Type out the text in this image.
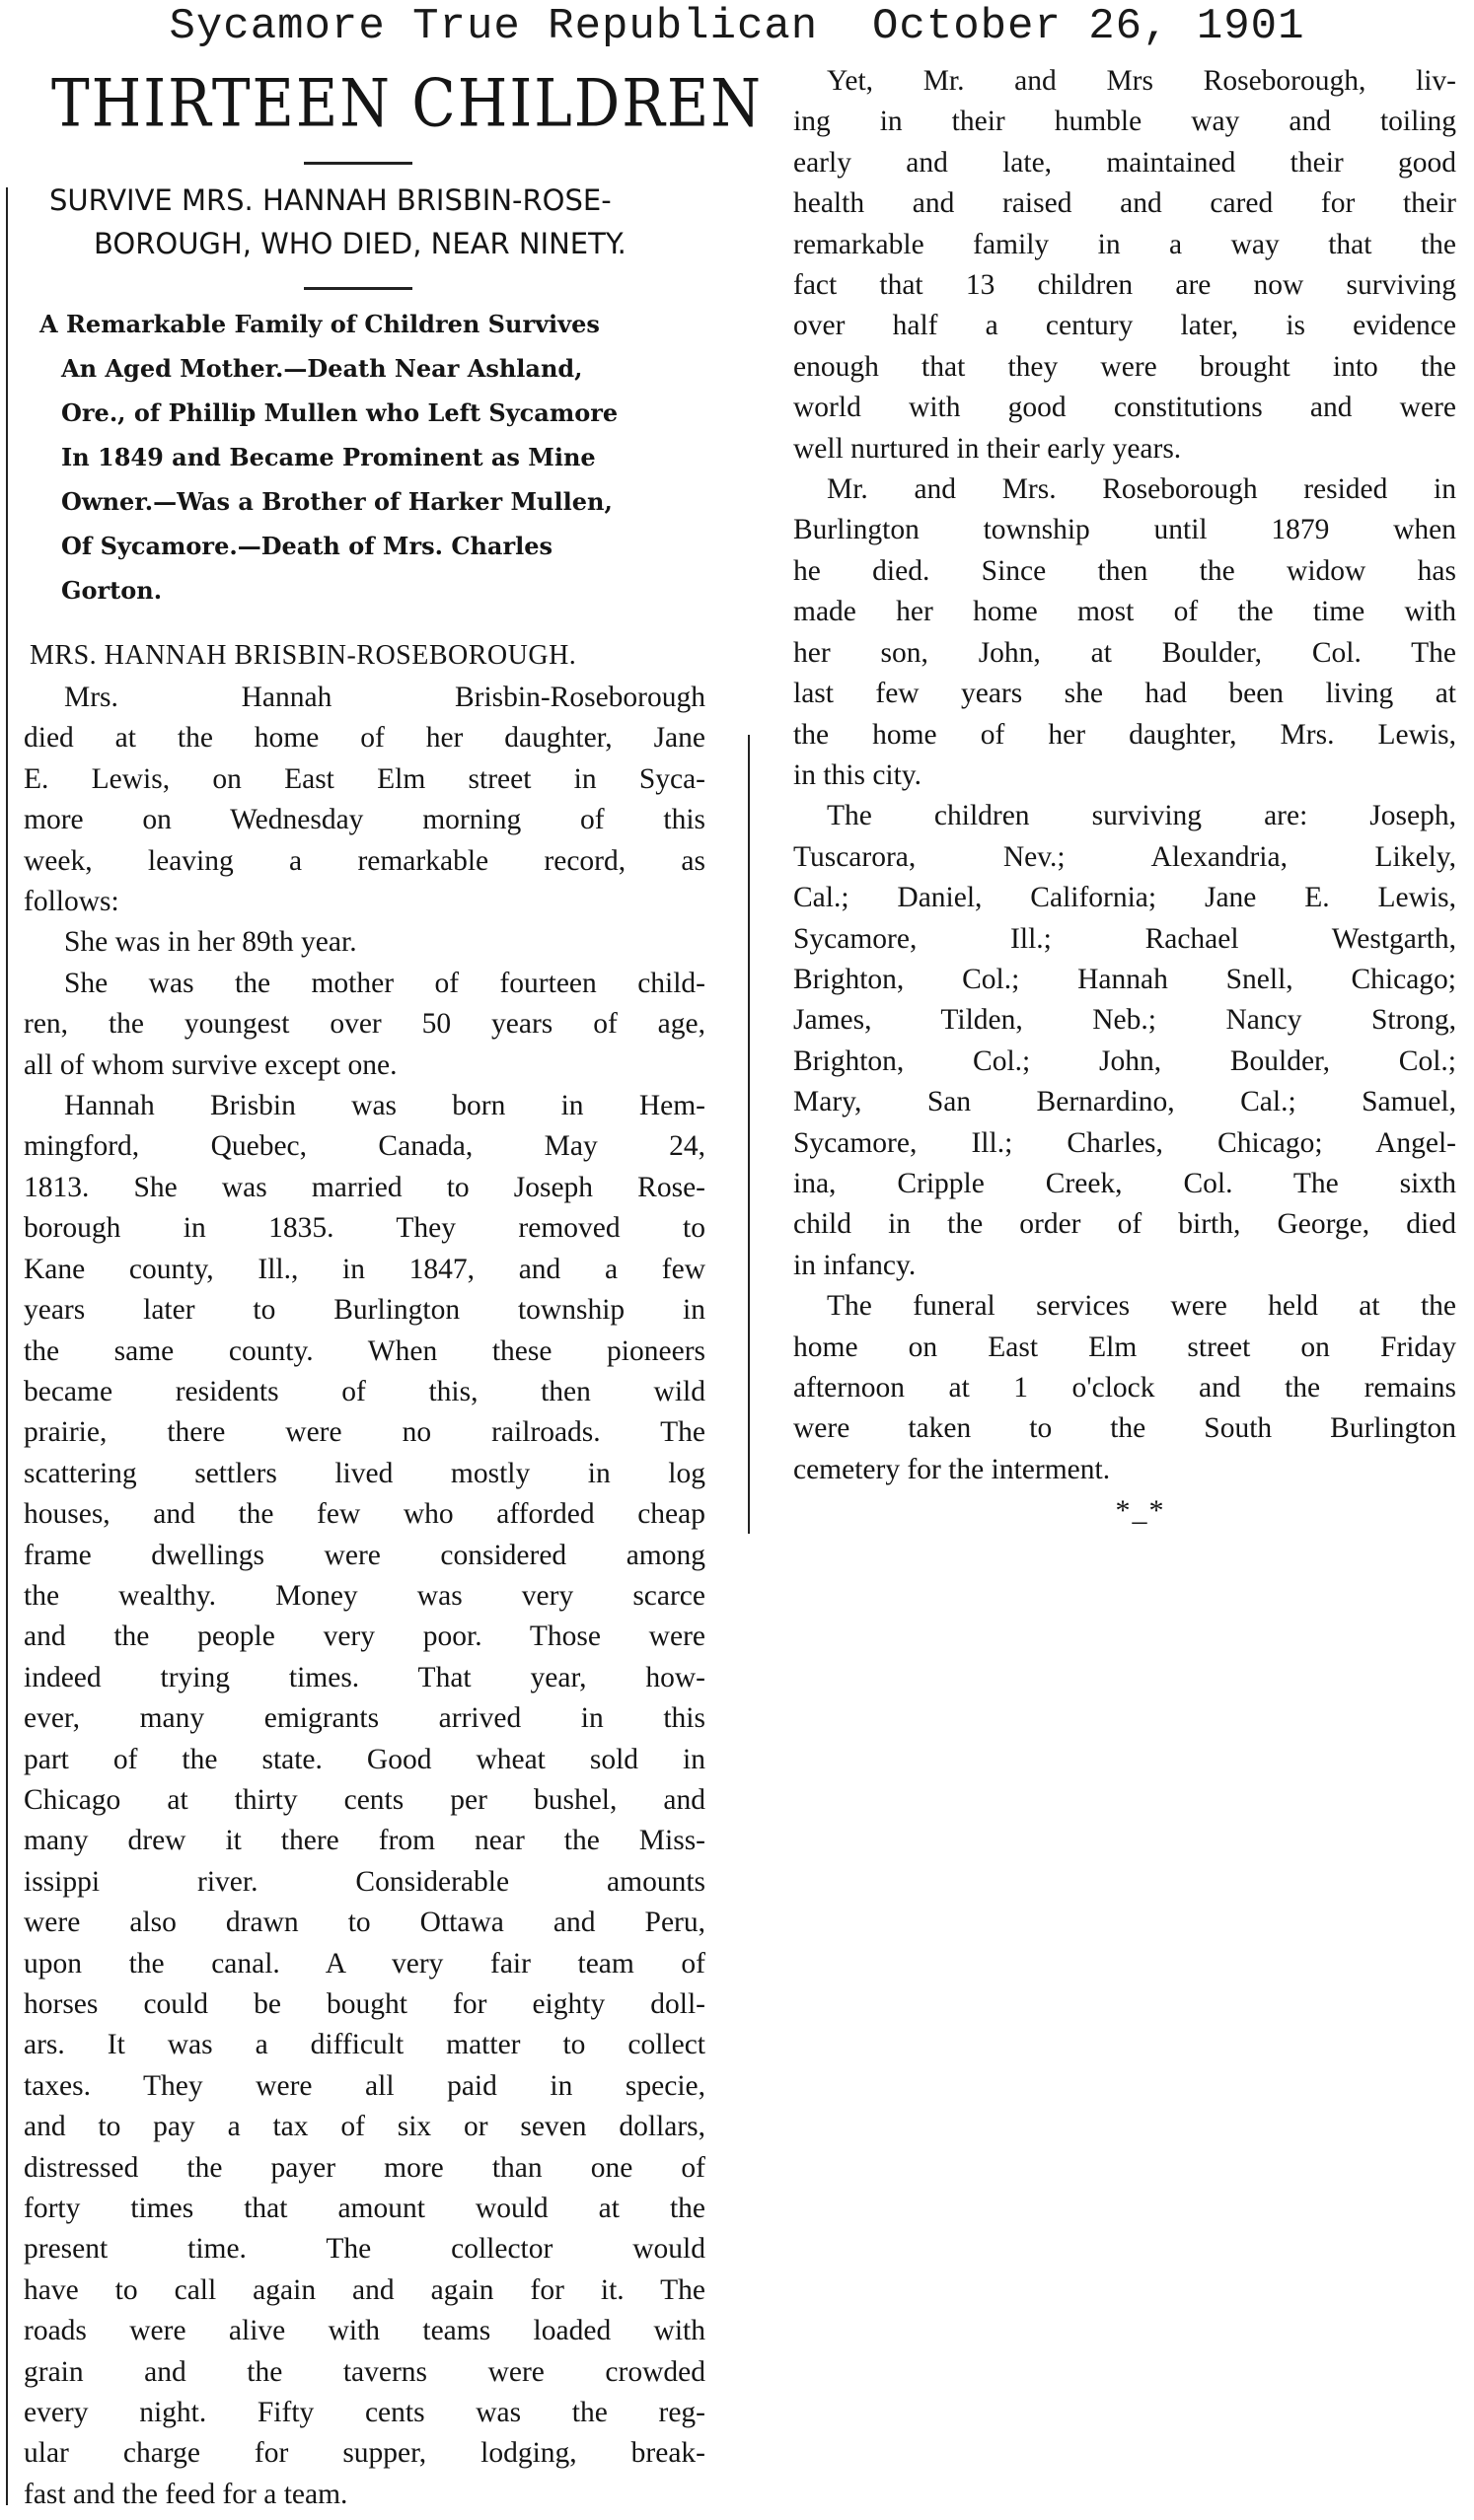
Sycamore True Republican  October 26, 1901
THIRTEEN CHILDREN
SURVIVE MRS. HANNAH BRISBIN-ROSE-
BOROUGH, WHO DIED, NEAR NINETY.
A Remarkable Family of Children Survives
An Aged Mother.—Death Near Ashland,
Ore., of Phillip Mullen who Left Sycamore
In 1849 and Became Prominent as Mine
Owner.—Was a Brother of Harker Mullen,
Of Sycamore.—Death of Mrs. Charles
Gorton.
MRS. HANNAH BRISBIN-ROSEBOROUGH.
Mrs. Hannah Brisbin-Roseborough
died at the home of her daughter, Jane
E. Lewis, on East Elm street in Syca-
more on Wednesday morning of this
week, leaving a remarkable record, as
follows:
She was in her 89th year.
She was the mother of fourteen child-
ren, the youngest over 50 years of age,
all of whom survive except one.
Hannah Brisbin was born in Hem-
mingford, Quebec, Canada, May 24,
1813. She was married to Joseph Rose-
borough in 1835. They removed to
Kane county, Ill., in 1847, and a few
years later to Burlington township in
the same county. When these pioneers
became residents of this, then wild
prairie, there were no railroads. The
scattering settlers lived mostly in log
houses, and the few who afforded cheap
frame dwellings were considered among
the wealthy. Money was very scarce
and the people very poor. Those were
indeed trying times. That year, how-
ever, many emigrants arrived in this
part of the state. Good wheat sold in
Chicago at thirty cents per bushel, and
many drew it there from near the Miss-
issippi river. Considerable amounts
were also drawn to Ottawa and Peru,
upon the canal. A very fair team of
horses could be bought for eighty doll-
ars. It was a difficult matter to collect
taxes. They were all paid in specie,
and to pay a tax of six or seven dollars,
distressed the payer more than one of
forty times that amount would at the
present time. The collector would
have to call again and again for it. The
roads were alive with teams loaded with
grain and the taverns were crowded
every night. Fifty cents was the reg-
ular charge for supper, lodging, break-
fast and the feed for a team.
Yet, Mr. and Mrs Roseborough, liv-
ing in their humble way and toiling
early and late, maintained their good
health and raised and cared for their
remarkable family in a way that the
fact that 13 children are now surviving
over half a century later, is evidence
enough that they were brought into the
world with good constitutions and were
well nurtured in their early years.
Mr. and Mrs. Roseborough resided in
Burlington township until 1879 when
he died. Since then the widow has
made her home most of the time with
her son, John, at Boulder, Col. The
last few years she had been living at
the home of her daughter, Mrs. Lewis,
in this city.
The children surviving are: Joseph,
Tuscarora, Nev.; Alexandria, Likely,
Cal.; Daniel, California; Jane E. Lewis,
Sycamore, Ill.; Rachael Westgarth,
Brighton, Col.; Hannah Snell, Chicago;
James, Tilden, Neb.; Nancy Strong,
Brighton, Col.; John, Boulder, Col.;
Mary, San Bernardino, Cal.; Samuel,
Sycamore, Ill.; Charles, Chicago; Angel-
ina, Cripple Creek, Col. The sixth
child in the order of birth, George, died
in infancy.
The funeral services were held at the
home on East Elm street on Friday
afternoon at 1 o'clock and the remains
were taken to the South Burlington
cemetery for the interment.
*_*
